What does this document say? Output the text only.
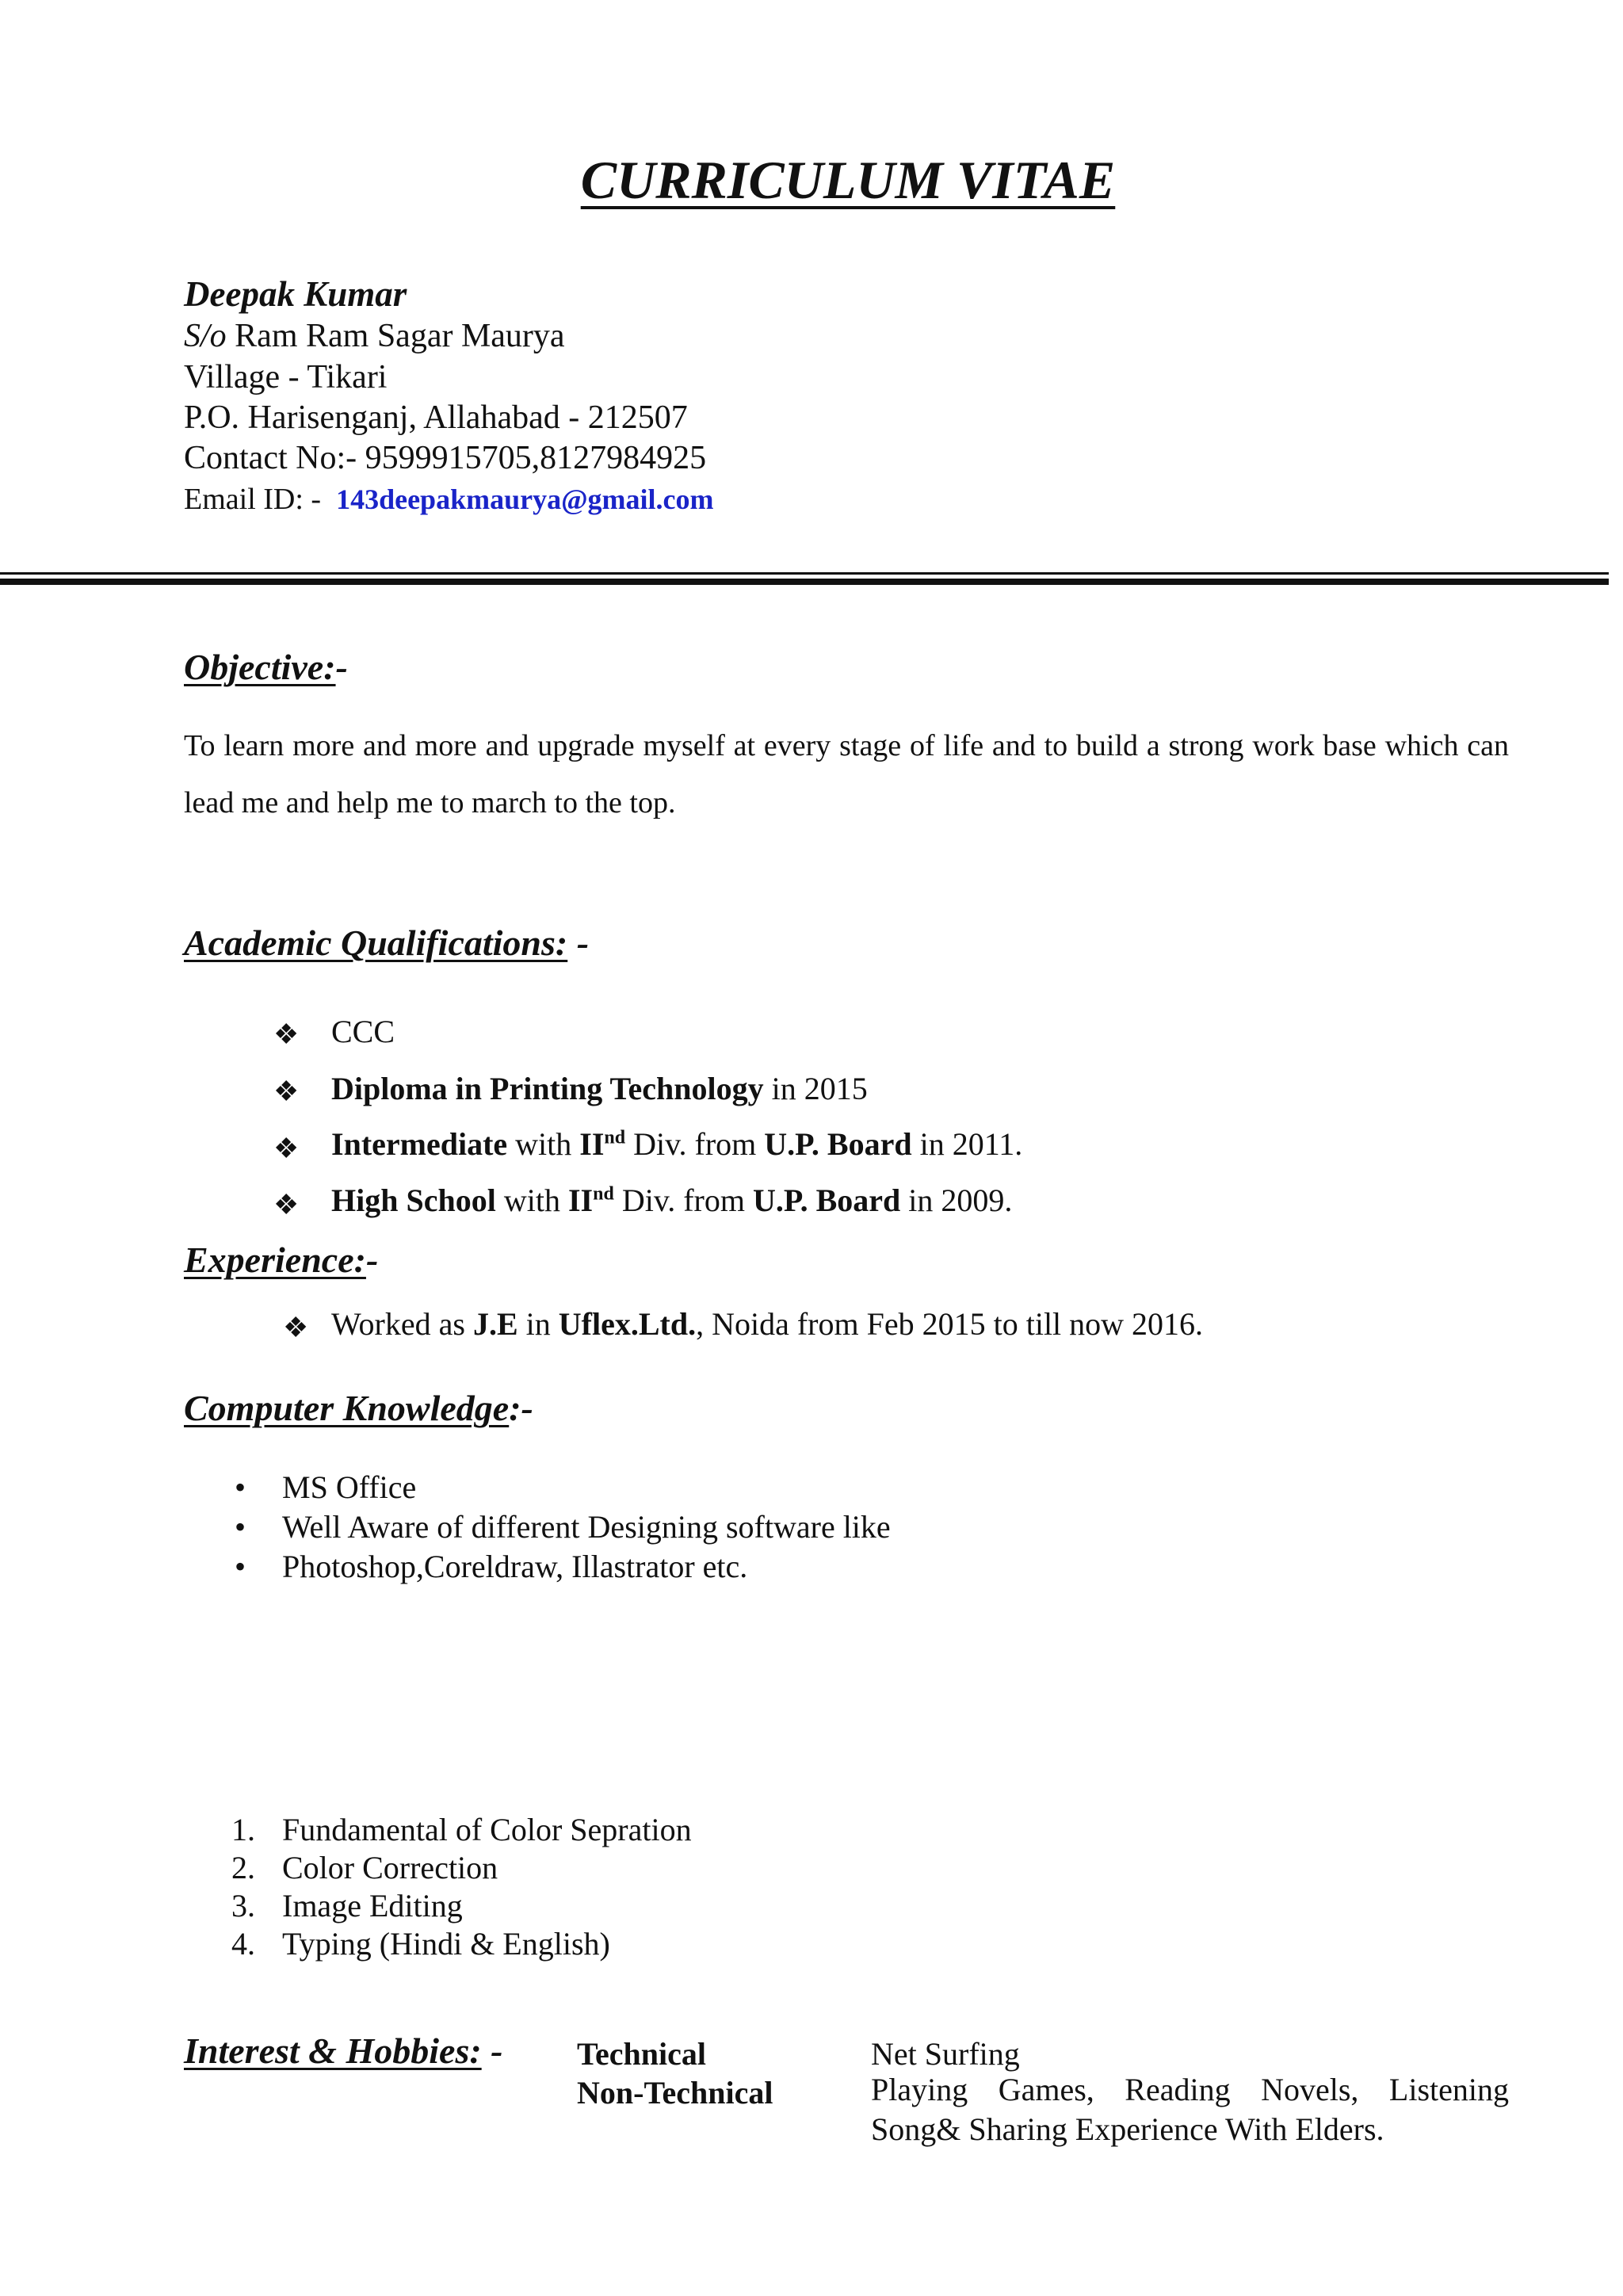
CURRICULUM VITAE
Deepak Kumar
S/o Ram Ram Sagar Maurya
Village - Tikari
P.O. Harisenganj, Allahabad - 212507
Contact No:- 9599915705,8127984925
Email ID: - 143deepakmaurya@gmail.com
Objective:-
To learn more and more and upgrade myself at every stage of life and to build a strong work base which can lead me and help me to march to the top.
Academic Qualifications: -
❖ CCC
❖ Diploma in Printing Technology in 2015
❖ Intermediate with IInd Div. from U.P. Board in 2011.
❖ High School with IInd Div. from U.P. Board in 2009.
Experience:-
❖ Worked as J.E in Uflex.Ltd., Noida from Feb 2015 to till now 2016.
Computer Knowledge:-
• MS Office
• Well Aware of different Designing software like
• Photoshop,Coreldraw, Illastrator etc.
1. Fundamental of Color Sepration
2. Color Correction
3. Image Editing
4. Typing (Hindi & English)
Interest & Hobbies: - Technical	Net Surfing
Non-Technical	Playing Games, Reading Novels, Listening Song& Sharing Experience With Elders.
